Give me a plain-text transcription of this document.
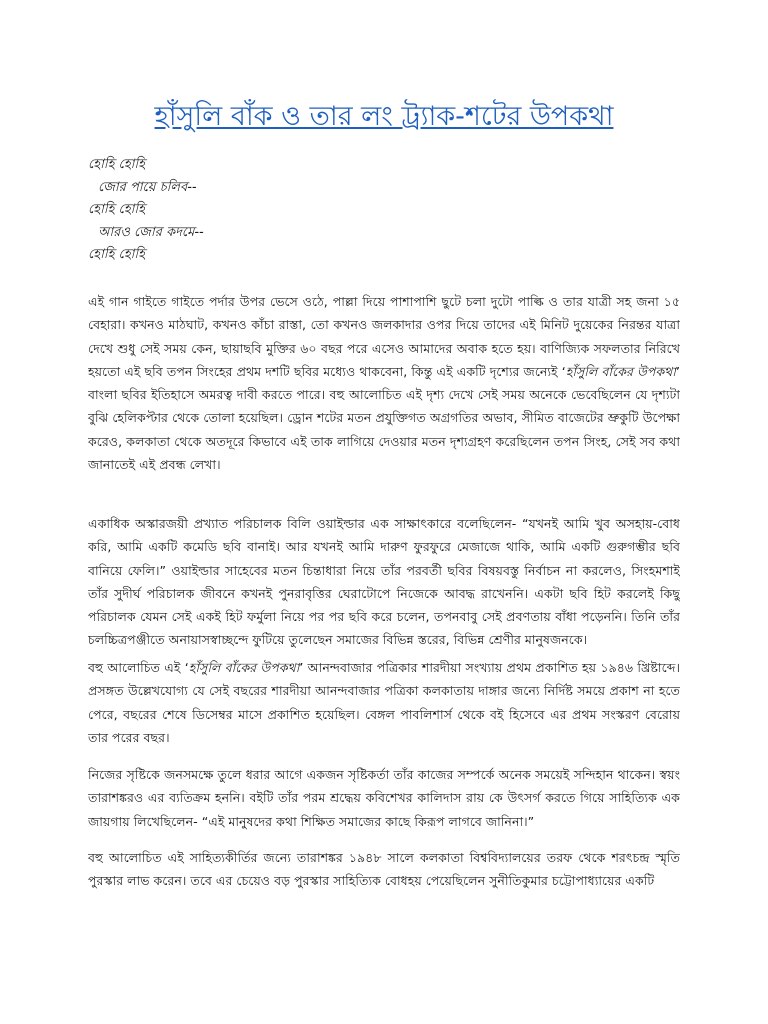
হাঁসুলি বাঁক ও তার লং ট্র্যাক-শটের উপকথা
হোহি হোহি
জোর পায়ে চলিব--
হোহি হোহি
আরও জোর কদমে--
হোহি হোহি

এই গান গাইতে গাইতে পর্দার উপর ভেসে ওঠে, পাল্লা দিয়ে পাশাপাশি ছুটে চলা দুটো পাল্কি ও তার যাত্রী সহ জনা ১৫ বেহারা। কখনও মাঠঘাট, কখনও কাঁচা রাস্তা, তো কখনও জলকাদার ওপর দিয়ে তাদের এই মিনিট দুয়েকের নিরন্তর যাত্রা দেখে শুধু সেই সময় কেন, ছায়াছবি মুক্তির ৬০ বছর পরে এসেও আমাদের অবাক হতে হয়। বাণিজ্যিক সফলতার নিরিখে হয়তো এই ছবি তপন সিংহের প্রথম দশটি ছবির মধ্যেও থাকবেনা, কিন্তু এই একটি দৃশ্যের জন্যেই ‘হাঁসুলি বাঁকের উপকথা’ বাংলা ছবির ইতিহাসে অমরত্ব দাবী করতে পারে। বহু আলোচিত এই দৃশ্য দেখে সেই সময় অনেকে ভেবেছিলেন যে দৃশ্যটা বুঝি হেলিকপ্টার থেকে তোলা হয়েছিল। ড্রোন শটের মতন প্রযুক্তিগত অগ্রগতির অভাব, সীমিত বাজেটের ভ্রুকুটি উপেক্ষা করেও, কলকাতা থেকে অতদূরে কিভাবে এই তাক লাগিয়ে দেওয়ার মতন দৃশ্যগ্রহণ করেছিলেন তপন সিংহ, সেই সব কথা জানাতেই এই প্রবন্ধ লেখা।

একাধিক অস্কারজয়ী প্রখ্যাত পরিচালক বিলি ওয়াইল্ডার এক সাক্ষাৎকারে বলেছিলেন- “যখনই আমি খুব অসহায়-বোধ করি, আমি একটি কমেডি ছবি বানাই। আর যখনই আমি দারুণ ফুরফুরে মেজাজে থাকি, আমি একটি গুরুগম্ভীর ছবি বানিয়ে ফেলি।” ওয়াইল্ডার সাহেবের মতন চিন্তাধারা নিয়ে তাঁর পরবর্তী ছবির বিষয়বস্তু নির্বাচন না করলেও, সিংহমশাই তাঁর সুদীর্ঘ পরিচালক জীবনে কখনই পুনরাবৃত্তির ঘেরাটোপে নিজেকে আবদ্ধ রাখেননি। একটা ছবি হিট করলেই কিছু পরিচালক যেমন সেই একই হিট ফর্মুলা নিয়ে পর পর ছবি করে চলেন, তপনবাবু সেই প্রবণতায় বাঁধা পড়েননি। তিনি তাঁর চলচ্চিত্রপঞ্জীতে অনায়াসস্বাচ্ছন্দে ফুটিয়ে তুলেছেন সমাজের বিভিন্ন স্তরের, বিভিন্ন শ্রেণীর মানুষজনকে।

বহু আলোচিত এই ‘হাঁসুলি বাঁকের উপকথা’ আনন্দবাজার পত্রিকার শারদীয়া সংখ্যায় প্রথম প্রকাশিত হয় ১৯৪৬ খ্রিষ্টাব্দে। প্রসঙ্গত উল্লেখযোগ্য যে সেই বছরের শারদীয়া আনন্দবাজার পত্রিকা কলকাতায় দাঙ্গার জন্যে নির্দিষ্ট সময়ে প্রকাশ না হতে পেরে, বছরের শেষে ডিসেম্বর মাসে প্রকাশিত হয়েছিল। বেঙ্গল পাবলিশার্স থেকে বই হিসেবে এর প্রথম সংস্করণ বেরোয় তার পরের বছর।

নিজের সৃষ্টিকে জনসমক্ষে তুলে ধরার আগে একজন সৃষ্টিকর্তা তাঁর কাজের সম্পর্কে অনেক সময়েই সন্দিহান থাকেন। স্বয়ং তারাশঙ্করও এর ব্যতিক্রম হননি। বইটি তাঁর পরম শ্রদ্ধেয় কবিশেখর কালিদাস রায় কে উৎসর্গ করতে গিয়ে সাহিত্যিক এক জায়গায় লিখেছিলেন- “এই মানুষদের কথা শিক্ষিত সমাজের কাছে কিরূপ লাগবে জানিনা।”

বহু আলোচিত এই সাহিত্যকীর্তির জন্যে তারাশঙ্কর ১৯৪৮ সালে কলকাতা বিশ্ববিদ্যালয়ের তরফ থেকে শরৎচন্দ্র স্মৃতি পুরস্কার লাভ করেন। তবে এর চেয়েও বড় পুরস্কার সাহিত্যিক বোধহয় পেয়েছিলেন সুনীতিকুমার চট্টোপাধ্যায়ের একটি
